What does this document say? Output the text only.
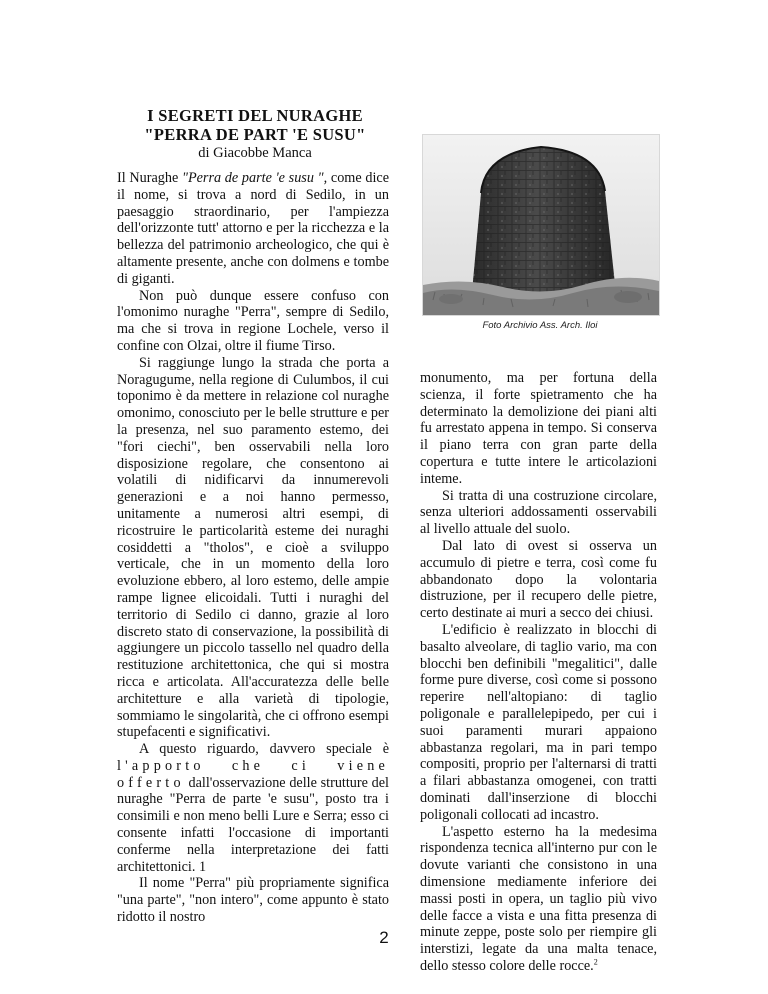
I SEGRETI DEL NURAGHE
"PERRA DE PART 'E SUSU"
di Giacobbe Manca

Il Nuraghe "Perra de parte 'e susu ", come dice il nome, si trova a nord di Sedilo, in un paesaggio straordinario, per l'ampiezza dell'orizzonte tutt' attorno e per la ricchezza e la bellezza del patrimonio archeologico, che qui è altamente presente, anche con dolmens e tombe di giganti.

Non può dunque essere confuso con l'omonimo nuraghe "Perra", sempre di Sedilo, ma che si trova in regione Lochele, verso il confine con Olzai, oltre il fiume Tirso.

Si raggiunge lungo la strada che porta a Noragugume, nella regione di Culumbos, il cui toponimo è da mettere in relazione col nuraghe omonimo, conosciuto per le belle strutture e per la presenza, nel suo paramento estemo, dei "fori ciechi", ben osservabili nella loro disposizione regolare, che consentono ai volatili di nidificarvi da innumerevoli generazioni e a noi hanno permesso, unitamente a numerosi altri esempi, di ricostruire le particolarità esteme dei nuraghi cosiddetti a "tholos", e cioè a sviluppo verticale, che in un momento della loro evoluzione ebbero, al loro estemo, delle ampie rampe lignee elicoidali. Tutti i nuraghi del territorio di Sedilo ci danno, grazie al loro discreto stato di conservazione, la possibilità di aggiungere un piccolo tassello nel quadro della restituzione architettonica, che qui si mostra ricca e articolata. All'accuratezza delle belle architetture e alla varietà di tipologie, sommiamo le singolarità, che ci offrono esempi stupefacenti e significativi.

A questo riguardo, davvero speciale è l'apporto che ci viene offerto dall'osservazione delle strutture del nuraghe "Perra de parte 'e susu", posto tra i consimili e non meno belli Lure e Serra; esso ci consente infatti l'occasione di importanti conferme nella interpretazione dei fatti architettonici. 1

Il nome "Perra" più propriamente significa "una parte", "non intero", come appunto è stato ridotto il nostro

Foto Archivio Ass. Arch. Iloi

monumento, ma per fortuna della scienza, il forte spietramento che ha determinato la demolizione dei piani alti fu arrestato appena in tempo. Si conserva il piano terra con gran parte della copertura e tutte intere le articolazioni inteme.

Si tratta di una costruzione circolare, senza ulteriori addossamenti osservabili al livello attuale del suolo.

Dal lato di ovest si osserva un accumulo di pietre e terra, così come fu abbandonato dopo la volontaria distruzione, per il recupero delle pietre, certo destinate ai muri a secco dei chiusi.

L'edificio è realizzato in blocchi di basalto alveolare, di taglio vario, ma con blocchi ben definibili "megalitici", dalle forme pure diverse, così come si possono reperire nell'altopiano: di taglio poligonale e parallelepipedo, per cui i suoi paramenti murari appaiono abbastanza regolari, ma in pari tempo compositi, proprio per l'alternarsi di tratti a filari abbastanza omogenei, con tratti dominati dall'inserzione di blocchi poligonali collocati ad incastro.

L'aspetto esterno ha la medesima rispondenza tecnica all'interno pur con le dovute varianti che consistono in una dimensione mediamente inferiore dei massi posti in opera, un taglio più vivo delle facce a vista e una fitta presenza di minute zeppe, poste solo per riempire gli interstizi, legate da una malta tenace, dello stesso colore delle rocce.$^2$

2
